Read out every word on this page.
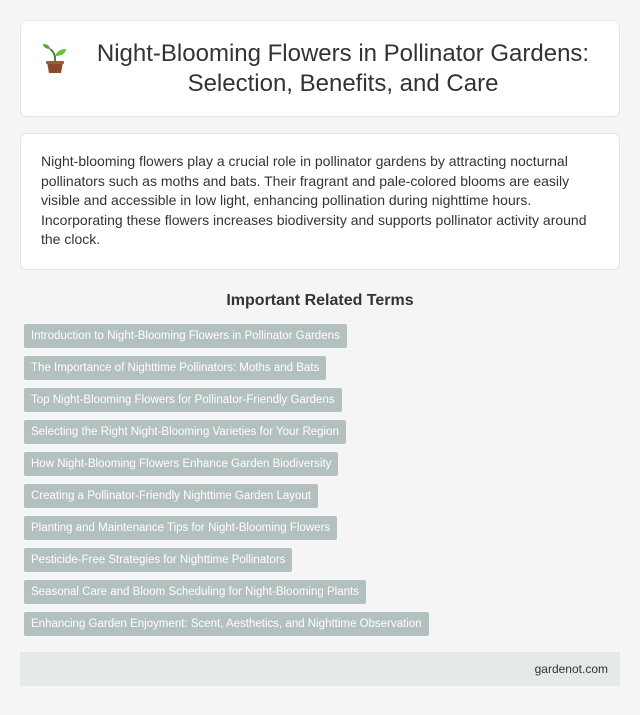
Night-Blooming Flowers in Pollinator Gardens: Selection, Benefits, and Care

Night-blooming flowers play a crucial role in pollinator gardens by attracting nocturnal pollinators such as moths and bats. Their fragrant and pale-colored blooms are easily visible and accessible in low light, enhancing pollination during nighttime hours. Incorporating these flowers increases biodiversity and supports pollinator activity around the clock.

Important Related Terms
Introduction to Night-Blooming Flowers in Pollinator Gardens
The Importance of Nighttime Pollinators: Moths and Bats
Top Night-Blooming Flowers for Pollinator-Friendly Gardens
Selecting the Right Night-Blooming Varieties for Your Region
How Night-Blooming Flowers Enhance Garden Biodiversity
Creating a Pollinator-Friendly Nighttime Garden Layout
Planting and Maintenance Tips for Night-Blooming Flowers
Pesticide-Free Strategies for Nighttime Pollinators
Seasonal Care and Bloom Scheduling for Night-Blooming Plants
Enhancing Garden Enjoyment: Scent, Aesthetics, and Nighttime Observation
gardenot.com
